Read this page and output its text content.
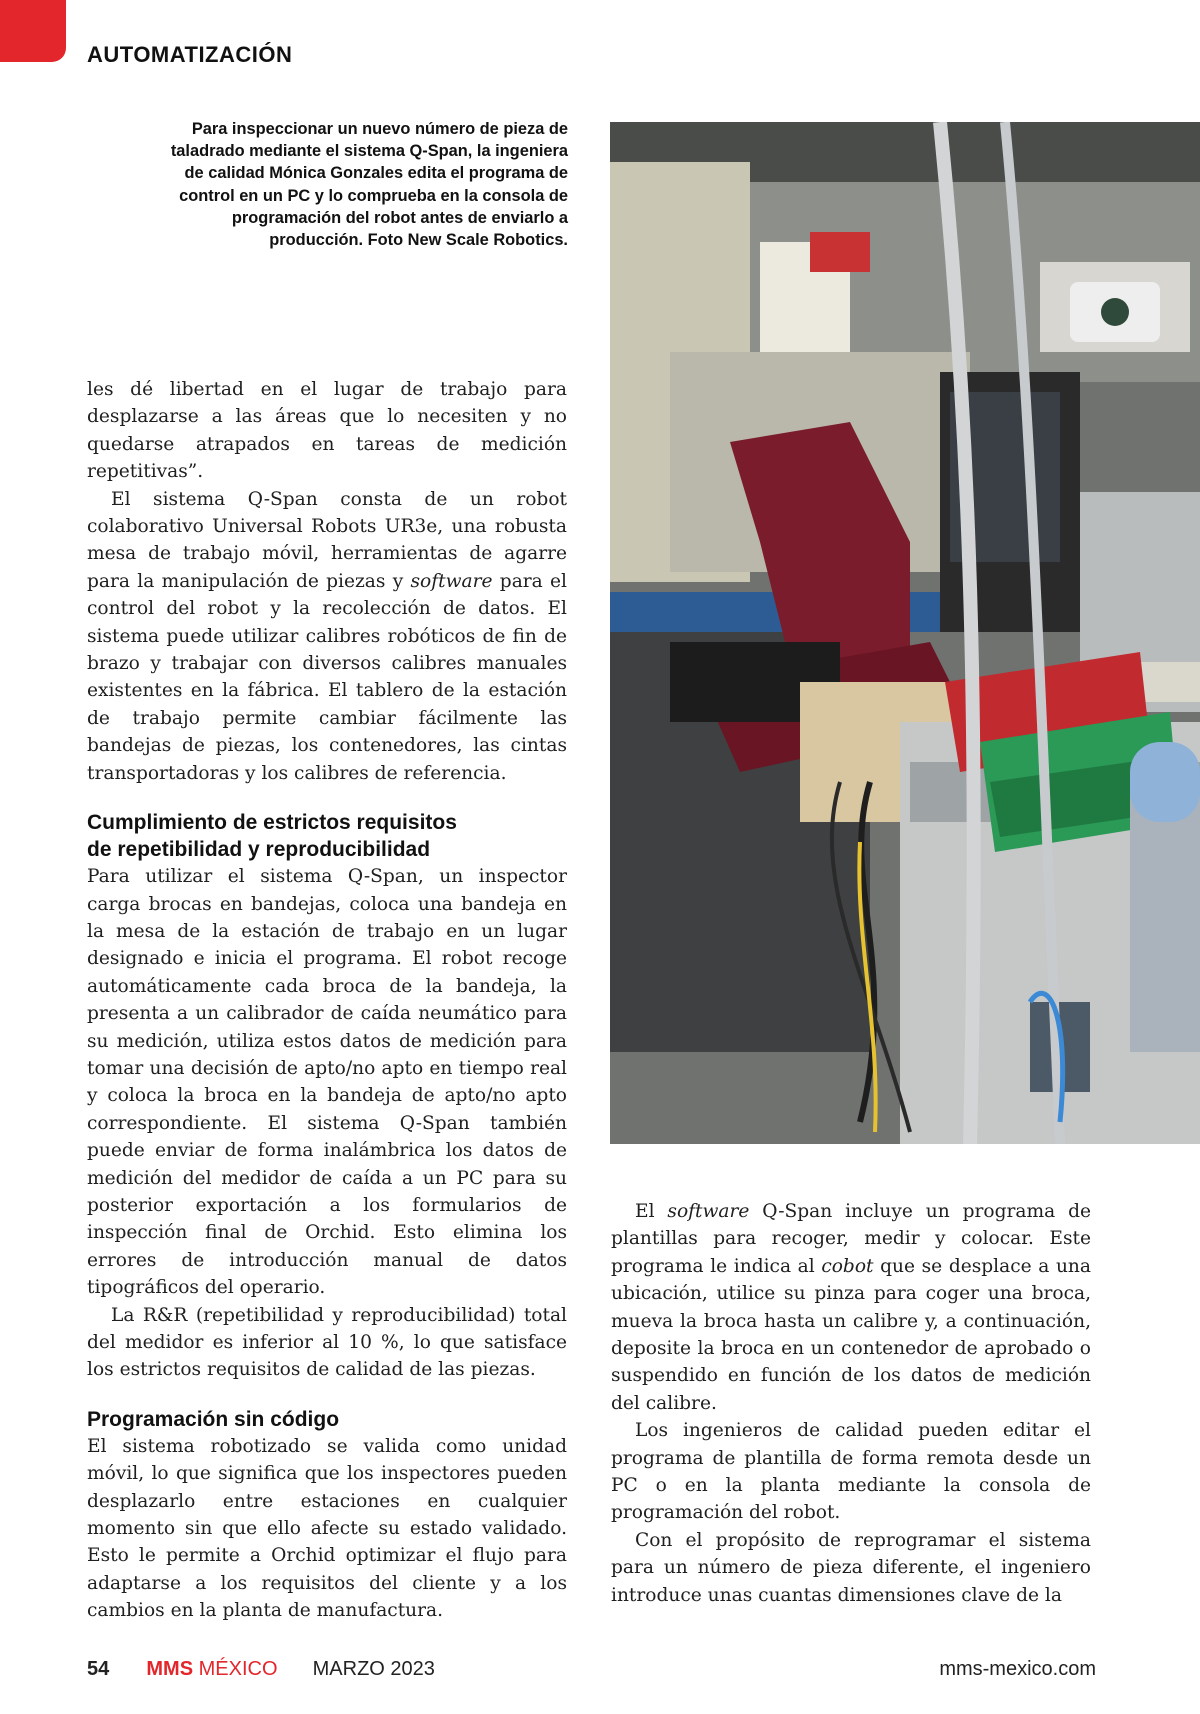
AUTOMATIZACIÓN
Para inspeccionar un nuevo número de pieza de taladrado mediante el sistema Q-Span, la ingeniera de calidad Mónica Gonzales edita el programa de control en un PC y lo comprueba en la consola de programación del robot antes de enviarlo a producción. Foto New Scale Robotics.

les dé libertad en el lugar de trabajo para desplazarse a las áreas que lo necesiten y no quedarse atrapados en tareas de medición repetitivas”.

El sistema Q-Span consta de un robot colaborativo Universal Robots UR3e, una robusta mesa de trabajo móvil, herramientas de agarre para la manipulación de piezas y software para el control del robot y la recolección de datos. El sistema puede utilizar calibres robóticos de fin de brazo y trabajar con diversos calibres manuales existentes en la fábrica. El tablero de la estación de trabajo permite cambiar fácilmente las bandejas de piezas, los contenedores, las cintas transportadoras y los calibres de referencia.

Cumplimiento de estrictos requisitos
de repetibilidad y reproducibilidad

Para utilizar el sistema Q-Span, un inspector carga brocas en bandejas, coloca una bandeja en la mesa de la estación de trabajo en un lugar designado e inicia el programa. El robot recoge automáticamente cada broca de la bandeja, la presenta a un calibrador de caída neumático para su medición, utiliza estos datos de medición para tomar una decisión de apto/no apto en tiempo real y coloca la broca en la bandeja de apto/no apto correspondiente. El sistema Q-Span también puede enviar de forma inalámbrica los datos de medición del medidor de caída a un PC para su posterior exportación a los formularios de inspección final de Orchid. Esto elimina los errores de introducción manual de datos tipográficos del operario.

La R&R (repetibilidad y reproducibilidad) total del medidor es inferior al 10 %, lo que satisface los estrictos requisitos de calidad de las piezas.

Programación sin código

El sistema robotizado se valida como unidad móvil, lo que significa que los inspectores pueden desplazarlo entre estaciones en cualquier momento sin que ello afecte su estado validado. Esto le permite a Orchid optimizar el flujo para adaptarse a los requisitos del cliente y a los cambios en la planta de manufactura.

El software Q-Span incluye un programa de plantillas para recoger, medir y colocar. Este programa le indica al cobot que se desplace a una ubicación, utilice su pinza para coger una broca, mueva la broca hasta un calibre y, a continuación, deposite la broca en un contenedor de aprobado o suspendido en función de los datos de medición del calibre.

Los ingenieros de calidad pueden editar el programa de plantilla de forma remota desde un PC o en la planta mediante la consola de programación del robot.

Con el propósito de reprogramar el sistema para un número de pieza diferente, el ingeniero introduce unas cuantas dimensiones clave de la

54 MMS MÉXICO MARZO 2023	mms-mexico.com
